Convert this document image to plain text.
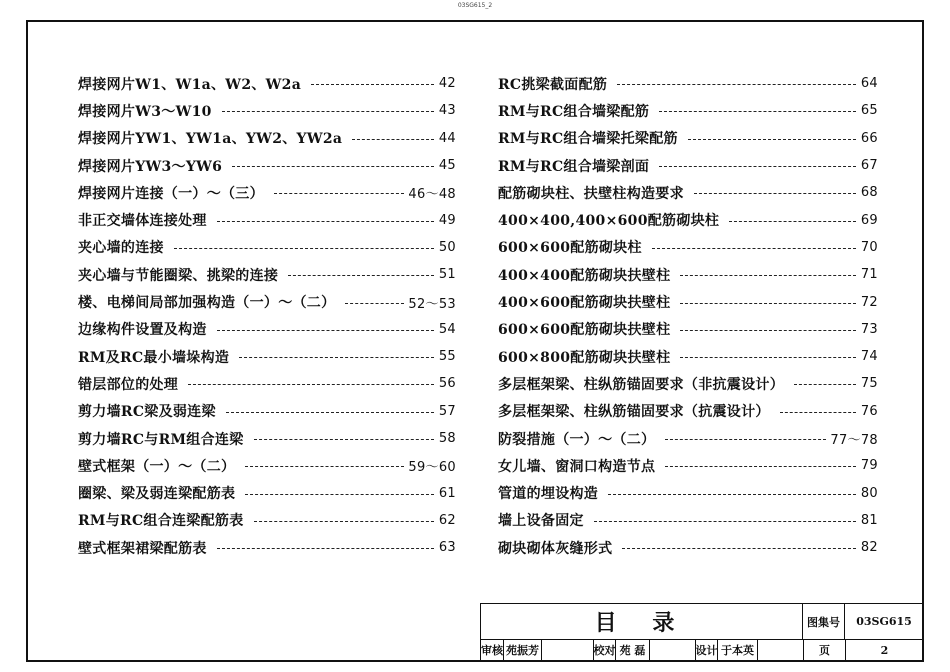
03SG615_2
焊接网片W1、W1a、W2、W2a	42
焊接网片W3～W10	43
焊接网片YW1、YW1a、YW2、YW2a	44
焊接网片YW3～YW6	45
焊接网片连接（一）～（三）	46～48
非正交墙体连接处理	49
夹心墙的连接	50
夹心墙与节能圈梁、挑梁的连接	51
楼、电梯间局部加强构造（一）～（二）	52～53
边缘构件设置及构造	54
RM及RC最小墙垛构造	55
错层部位的处理	56
剪力墙RC梁及弱连梁	57
剪力墙RC与RM组合连梁	58
壁式框架（一）～（二）	59～60
圈梁、梁及弱连梁配筋表	61
RM与RC组合连梁配筋表	62
壁式框架裙梁配筋表	63
RC挑梁截面配筋	64
RM与RC组合墙梁配筋	65
RM与RC组合墙梁托梁配筋	66
RM与RC组合墙梁剖面	67
配筋砌块柱、扶壁柱构造要求	68
400×400,400×600配筋砌块柱	69
600×600配筋砌块柱	70
400×400配筋砌块扶壁柱	71
400×600配筋砌块扶壁柱	72
600×600配筋砌块扶壁柱	73
600×800配筋砌块扶壁柱	74
多层框架梁、柱纵筋锚固要求（非抗震设计）	75
多层框架梁、柱纵筋锚固要求（抗震设计）	76
防裂措施（一）～（二）	77～78
女儿墙、窗洞口构造节点	79
管道的埋设构造	80
墙上设备固定	81
砌块砌体灰缝形式	82
目 录	图集号	03SG615
审核 苑振芳	校对 苑 磊	设计 于本英	页	2
